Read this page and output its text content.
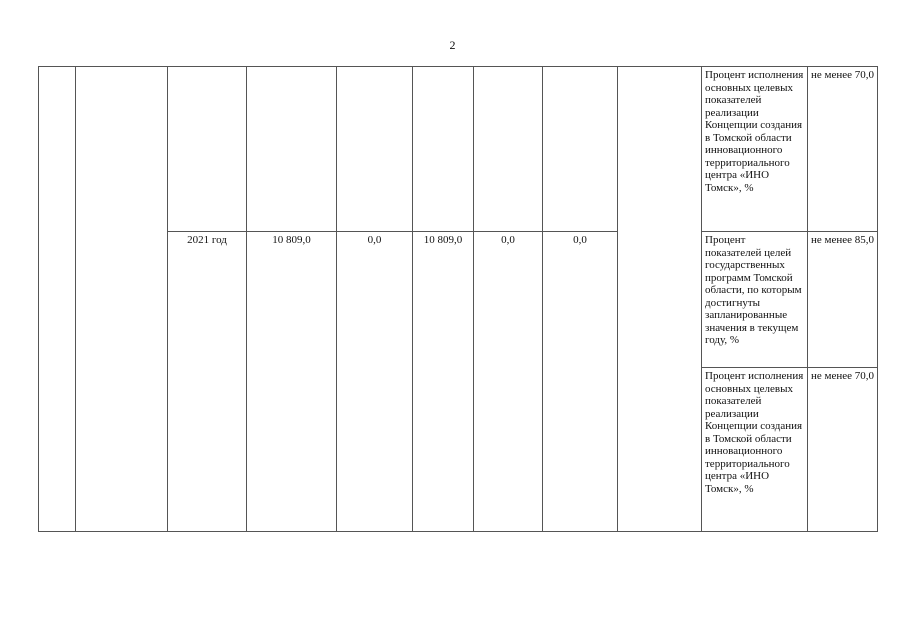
2
									Процент исполнения основных целевых показателей реализации Концепции создания в Томской области инновационного территориального центра «ИНО Томск», %	не менее 70,0
		2021 год	10 809,0	0,0	10 809,0	0,0	0,0		Процент показателей целей государственных программ Томской области, по которым достигнуты запланированные значения в текущем году, %	не менее 85,0
									Процент исполнения основных целевых показателей реализации Концепции создания в Томской области инновационного территориального центра «ИНО Томск», %	не менее 70,0
